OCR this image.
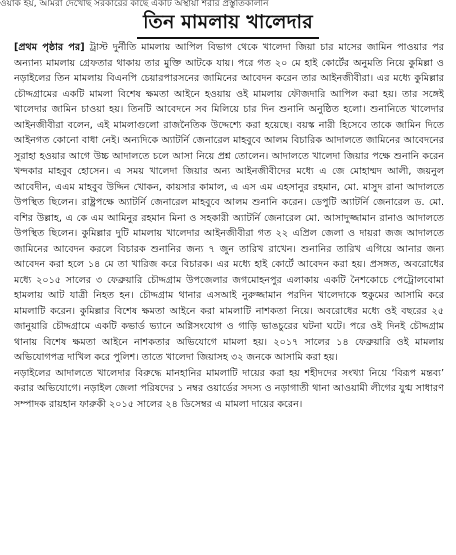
ওয়ার্ক হয়, আমরা দেখেছি সরকারের কাছে একটি অস্থায়ী শরীর প্রস্তুতিকালীন
তিন মামলায় খালেদার

[প্রথম পৃষ্ঠার পর] ট্রাস্ট দুর্নীতি মামলায় আপিল বিভাগ থেকে খালেদা জিয়া চার মাসের জামিন পাওয়ার পর অন্যান্য মামলায় গ্রেফতার থাকায় তার মুক্তি আটকে যায়। পরে গত ২০ মে হাই কোর্টের অনুমতি নিয়ে কুমিল্লা ও নড়াইলের তিন মামলায় বিএনপি চেয়ারপারসনের জামিনের আবেদন করেন তার আইনজীবীরা। এর মধ্যে কুমিল্লার চৌদ্দগ্রামের একটি মামলা বিশেষ ক্ষমতা আইনে হওয়ায় ওই মামলায় ফৌজদারি আপিল করা হয়। তার সঙ্গেই খালেদার জামিন চাওয়া হয়। তিনটি আবেদনে সব মিলিয়ে চার দিন শুনানি অনুষ্ঠিত হলো। শুনানিতে খালেদার আইনজীবীরা বলেন, এই মামলাগুলো রাজনৈতিক উদ্দেশ্যে করা হয়েছে। বয়স্ক নারী হিসেবে তাকে জামিন দিতে আইনগত কোনো বাধা নেই। অন্যদিকে অ্যাটর্নি জেনারেল মাহবুবে আলম বিচারিক আদালতে জামিনের আবেদনের সুরাহা হওয়ার আগে উচ্চ আদালতে চলে আসা নিয়ে প্রশ্ন তোলেন। আদালতে খালেদা জিয়ার পক্ষে শুনানি করেন খন্দকার মাহবুব হোসেন। এ সময় খালেদা জিয়ার অন্য আইনজীবীদের মধ্যে এ জে মোহাম্মদ আলী, জয়নুল আবেদীন, এএম মাহবুব উদ্দিন খোকন, কায়সার কামাল, এ এস এম এহসানুর রহমান, মো. মাসুদ রানা আদালতে উপস্থিত ছিলেন। রাষ্ট্রপক্ষে অ্যাটর্নি জেনারেল মাহবুবে আলম শুনানি করেন। ডেপুটি অ্যাটর্নি জেনারেল ড. মো. বশির উল্লাহ, এ কে এম আমিনুর রহমান মিনা ও সহকারী অ্যাটর্নি জেনারেল মো. আসাদুজ্জামান রানাও আদালতে উপস্থিত ছিলেন। কুমিল্লার দুটি মামলায় খালেদার আইনজীবীরা গত ২২ এপ্রিল জেলা ও দায়রা জজ আদালতে জামিনের আবেদন করলে বিচারক শুনানির জন্য ৭ জুন তারিখ রাখেন। শুনানির তারিখ এগিয়ে আনার জন্য আবেদন করা হলে ১৪ মে তা খারিজ করে বিচারক। এর মধ্যে হাই কোর্টে আবেদন করা হয়। প্রসঙ্গত, অবরোধের মধ্যে ২০১৫ সালের ৩ ফেব্রুয়ারি চৌদ্দগ্রাম উপজেলার জগমোহনপুর এলাকায় একটি নৈশকোচে পেট্রোলবোমা হামলায় আট যাত্রী নিহত হন। চৌদ্দগ্রাম থানার এসআই নুরুজ্জামান পরদিন খালেদাকে হুকুমের আসামি করে মামলাটি করেন। কুমিল্লার বিশেষ ক্ষমতা আইনে করা মামলাটি নাশকতা নিয়ে। অবরোধের মধ্যে ওই বছরের ২৫ জানুয়ারি চৌদ্দগ্রামে একটি কভার্ড ভ্যানে অগ্নিসংযোগ ও গাড়ি ভাঙচুরের ঘটনা ঘটে। পরে ওই দিনই চৌদ্দগ্রাম থানায় বিশেষ ক্ষমতা আইনে নাশকতার অভিযোগে মামলা হয়। ২০১৭ সালের ১৪ ফেব্রুয়ারি ওই মামলায় অভিযোগপত্র দাখিল করে পুলিশ। তাতে খালেদা জিয়াসহ ৩২ জনকে আসামি করা হয়।

নড়াইলের আদালতে খালেদার বিরুদ্ধে মানহানির মামলাটি দায়ের করা হয় শহীদদের সংখ্যা নিয়ে ‘বিরূপ মন্তব্য’ করার অভিযোগে। নড়াইল জেলা পরিষদের ১ নম্বর ওয়ার্ডের সদস্য ও নড়াগাতী থানা আওয়ামী লীগের যুগ্ম সাধারণ সম্পাদক রায়হান ফারুকী ২০১৫ সালের ২৪ ডিসেম্বর এ মামলা দায়ের করেন।
